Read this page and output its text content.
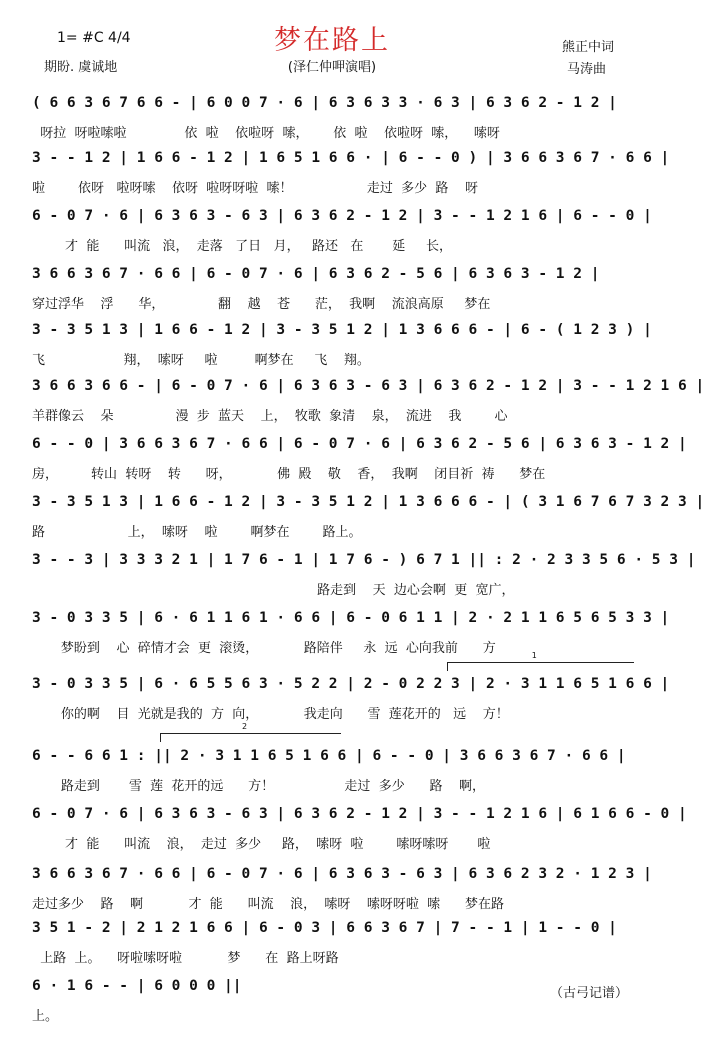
梦在路上
1= #C 4/4
(泽仁仲呷演唱)
期盼. 虞诚地
熊正中词
马涛曲
( 6 6 3 6 7 6 6 - | 6 0 0 7 · 6 | 6 3 6 3 3 · 6 3 | 6 3 6 2 - 1 2 |
呀拉  呀啦嗦啦              依  啦    依啦呀  嗦，      依  啦    依啦呀  嗦，    嗦呀
3 - - 1 2 | 1 6 6 - 1 2 | 1 6 5 1 6 6 · | 6 - - 0 ) | 3 6 6 3 6 7 · 6 6 |
啦        依呀   啦呀嗦    依呀  啦呀呀啦  嗦！                  走过  多少  路    呀
6 - 0 7 · 6 | 6 3 6 3 - 6 3 | 6 3 6 2 - 1 2 | 3 - - 1 2 1 6 | 6 - - 0 |
才  能      叫流   浪，  走落   了日   月，   路还   在       延     长，
3 6 6 3 6 7 · 6 6 | 6 - 0 7 · 6 | 6 3 6 2 - 5 6 | 6 3 6 3 - 1 2 |
穿过浮华    浮      华，             翻    越    苍      茫，  我啊    流浪高原     梦在
3 - 3 5 1 3 | 1 6 6 - 1 2 | 3 - 3 5 1 2 | 1 3 6 6 6 - | 6 - ( 1 2 3 ) |
飞                   翔，  嗦呀     啦         啊梦在     飞    翔。
3 6 6 3 6 6 - | 6 - 0 7 · 6 | 6 3 6 3 - 6 3 | 6 3 6 2 - 1 2 | 3 - - 1 2 1 6 |
羊群像云    朵               漫  步  蓝天    上，  牧歌  象清    泉，  流进    我        心
6 - - 0 | 3 6 6 3 6 7 · 6 6 | 6 - 0 7 · 6 | 6 3 6 2 - 5 6 | 6 3 6 3 - 1 2 |
房，        转山  转呀    转      呀，           佛  殿    敬    香，  我啊    闭目祈  祷      梦在
3 - 3 5 1 3 | 1 6 6 - 1 2 | 3 - 3 5 1 2 | 1 3 6 6 6 - | ( 3 1 6 7 6 7 3 2 3 |
路                    上，  嗦呀    啦        啊梦在        路上。
3 - - 3 | 3 3 3 2 1 | 1 7 6 - 1 | 1 7 6 - ) 6 7 1 || : 2 · 2 3 3 5 6 · 5 3 |
路走到    天  边心会啊  更  宽广，
3 - 0 3 3 5 | 6 · 6 1 1 6 1 · 6 6 | 6 - 0 6 1 1 | 2 · 2 1 1 6 5 6 5 3 3 |
梦盼到    心  碎情才会  更  滚烫，           路陪伴     永  远  心向我前      方
3 - 0 3 3 5 | 6 · 6 5 5 6 3 · 5 2 2 | 2 - 0 2 2 3 | 2 · 3 1 1 6 5 1 6 6 |
你的啊    目  光就是我的  方  向，           我走向      雪  莲花开的   远    方！
6 - - 6 6 1 : || 2 · 3 1 1 6 5 1 6 6 | 6 - - 0 | 3 6 6 3 6 7 · 6 6 |
路走到       雪  莲  花开的远      方！                 走过  多少      路    啊，
6 - 0 7 · 6 | 6 3 6 3 - 6 3 | 6 3 6 2 - 1 2 | 3 - - 1 2 1 6 | 6 1 6 6 - 0 |
才  能      叫流    浪，  走过  多少     路，  嗦呀  啦        嗦呀嗦呀       啦
3 6 6 3 6 7 · 6 6 | 6 - 0 7 · 6 | 6 3 6 3 - 6 3 | 6 3 6 2 3 2 · 1 2 3 |
走过多少    路    啊           才  能      叫流    浪，  嗦呀    嗦呀呀啦  嗦      梦在路
3 5 1 - 2 | 2 1 2 1 6 6 | 6 - 0 3 | 6 6 3 6 7 | 7 - - 1 | 1 - - 0 |
上路  上。    呀啦嗦呀啦           梦      在  路上呀路
6 · 1 6 - - | 6 0 0 0 ||
上。
1
2
（古弓记谱）
